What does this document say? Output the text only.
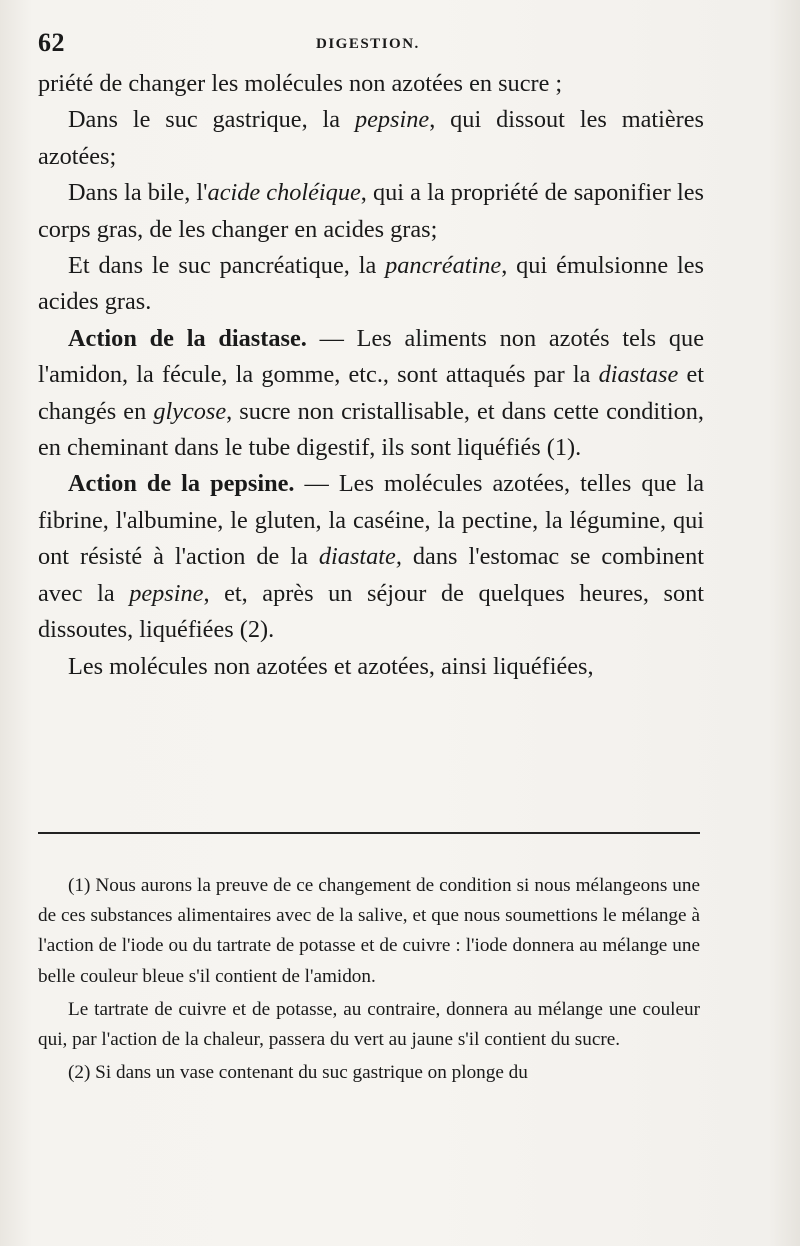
62	DIGESTION.

priété de changer les molécules non azotées en sucre ;

Dans le suc gastrique, la pepsine, qui dissout les matières azotées;

Dans la bile, l'acide choléique, qui a la propriété de saponifier les corps gras, de les changer en acides gras;

Et dans le suc pancréatique, la pancréatine, qui émulsionne les acides gras.

Action de la diastase. — Les aliments non azotés tels que l'amidon, la fécule, la gomme, etc., sont attaqués par la diastase et changés en glycose, sucre non cristallisable, et dans cette condition, en cheminant dans le tube digestif, ils sont liquéfiés (1).

Action de la pepsine. — Les molécules azotées, telles que la fibrine, l'albumine, le gluten, la caséine, la pectine, la légumine, qui ont résisté à l'action de la diastate, dans l'estomac se combinent avec la pepsine, et, après un séjour de quelques heures, sont dissoutes, liquéfiées (2).

Les molécules non azotées et azotées, ainsi liquéfiées,

(1) Nous aurons la preuve de ce changement de condition si nous mélangeons une de ces substances alimentaires avec de la salive, et que nous soumettions le mélange à l'action de l'iode ou du tartrate de potasse et de cuivre : l'iode donnera au mélange une belle couleur bleue s'il contient de l'amidon.

Le tartrate de cuivre et de potasse, au contraire, donnera au mélange une couleur qui, par l'action de la chaleur, passera du vert au jaune s'il contient du sucre.

(2) Si dans un vase contenant du suc gastrique on plonge du
